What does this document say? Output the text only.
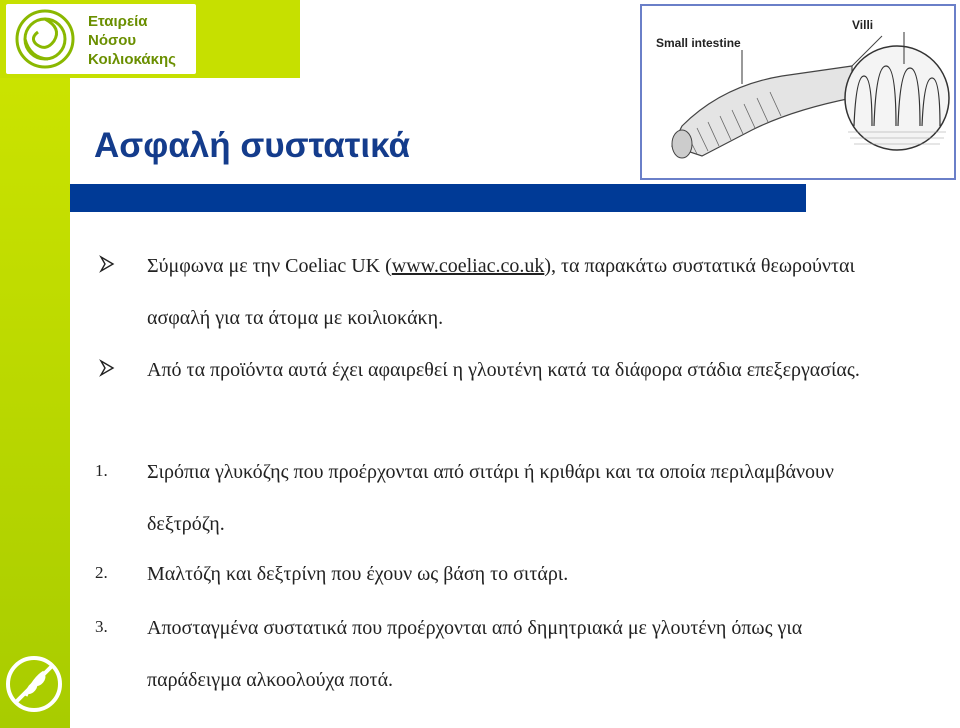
Εταιρεία
Νόσου
Κοιλιοκάκης
Small intestine
Villi
Ασφαλή συστατικά
Σύμφωνα με την Coeliac UK (www.coeliac.co.uk), τα παρακάτω συστατικά θεωρούνται ασφαλή για τα άτομα με κοιλιοκάκη.
Από τα προϊόντα αυτά έχει αφαιρεθεί η γλουτένη κατά τα διάφορα στάδια επεξεργασίας.
1.	Σιρόπια γλυκόζης που προέρχονται από σιτάρι ή κριθάρι και τα οποία περιλαμβάνουν δεξτρόζη.
2.	Μαλτόζη και δεξτρίνη που έχουν ως βάση το σιτάρι.
3.	Αποσταγμένα συστατικά που προέρχονται από δημητριακά με γλουτένη όπως για παράδειγμα αλκοολούχα ποτά.
